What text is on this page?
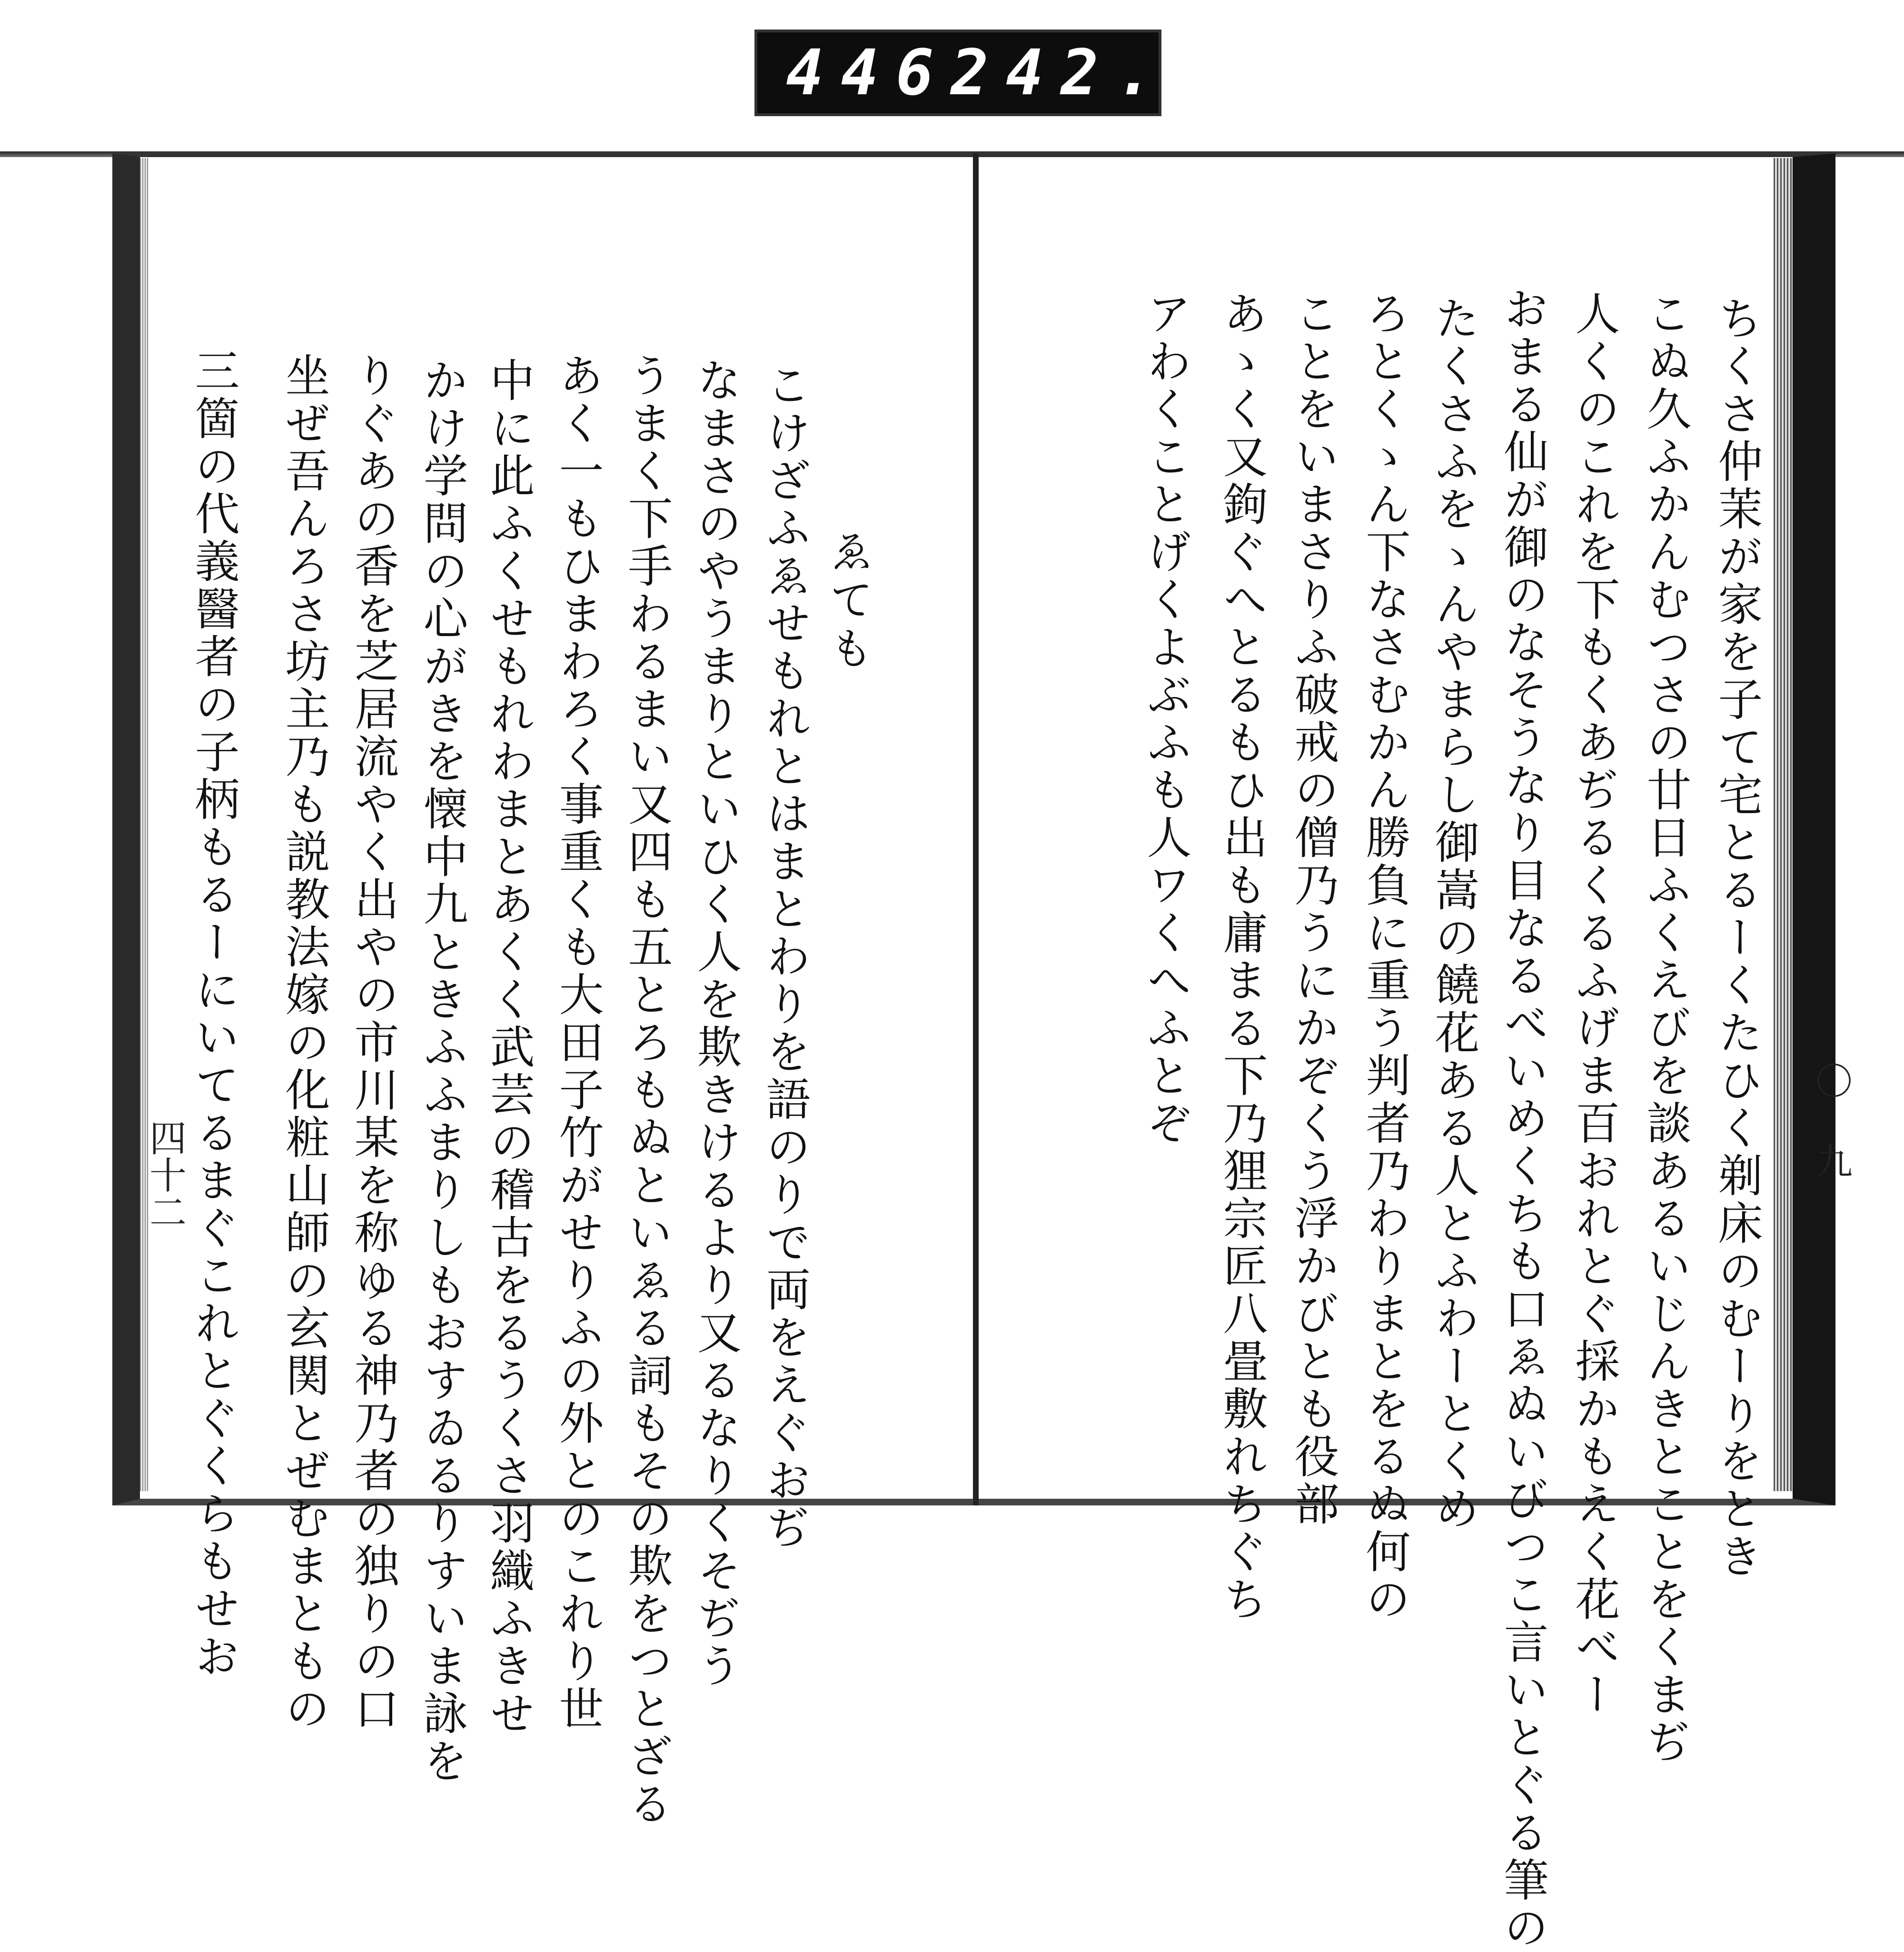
446 242.
ゑても
こけざふゑせもれとはまとわりを語のりで両をえぐおぢ
なまさのやうまりといひく人を欺きけるより又るなりくそぢう
うまく下手わるまい又四も五とろもぬといゑる詞もその欺をつとざる
あく一もひまわろく事重くも大田子竹がせりふの外とのこれり世
中に此ふくせもれわまとあくく武芸の稽古をるうくさ羽織ふきせ
かけ学問の心がきを懐中九ときふふまりしもおすゐるりすいま詠を
りぐあの香を芝居流やく出やの市川某を称ゆる神乃者の独りの口
坐ぜ吾んろさ坊主乃も説教法嫁の化粧山師の玄関とぜむまともの
三箇の代義醫者の子柄もるーにいてるまぐこれとぐくらもせお
四十二	ちくさ仲茉が家を子て宅とるーくたひく剃床のむーりをとき
こぬ久ふかんむつさの廿日ふくえびを談あるいじんきとことをくまぢ
人くのこれを下もくあぢるくるふげま百おれとぐ採かもえく花べー
おまる仙が御のなそうなり目なるべいめくちも口ゑぬいびつこ言いとぐる筆の
たくさふをゝんやまらし御嵩の饒花ある人とふわーとくめ
ろとくゝん下なさむかん勝負に重う判者乃わりまとをるぬ何の
ことをいまさりふ破戒の僧乃うにかぞくう浮かびとも役部
あゝく又鉤ぐへとるもひ出も庸まる下乃狸宗匠八畳敷れちぐち
アわくことげくよぶふも人ワくへふとぞ	〇 九
